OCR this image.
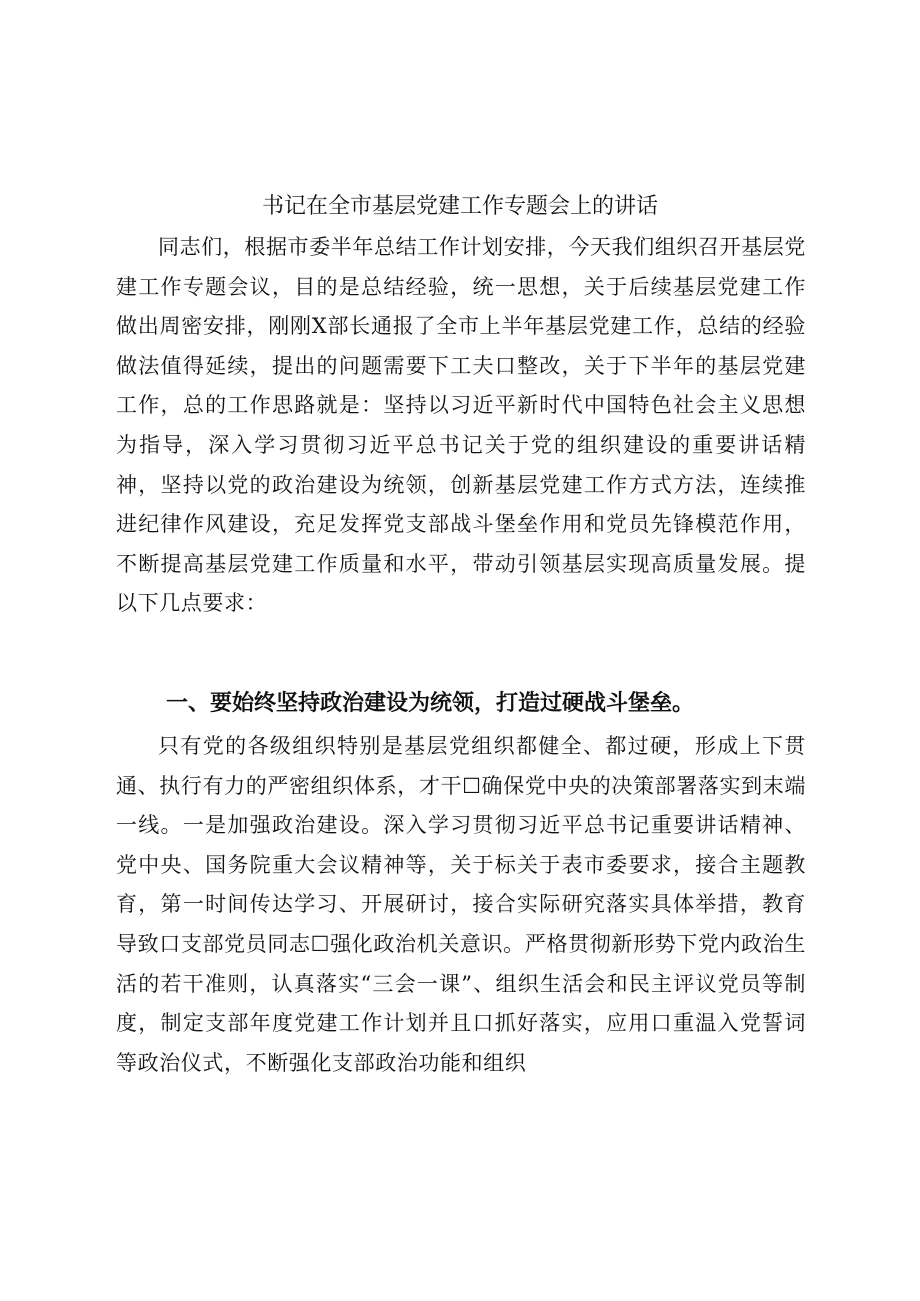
书记在全市基层党建工作专题会上的讲话

同志们，根据市委半年总结工作计划安排，今天我们组织召开基层党建工作专题会议，目的是总结经验，统一思想，关于后续基层党建工作做出周密安排，刚刚X部长通报了全市上半年基层党建工作，总结的经验做法值得延续，提出的问题需要下工夫口整改，关于下半年的基层党建工作，总的工作思路就是：坚持以习近平新时代中国特色社会主义思想为指导，深入学习贯彻习近平总书记关于党的组织建设的重要讲话精神，坚持以党的政治建设为统领，创新基层党建工作方式方法，连续推进纪律作风建设，充足发挥党支部战斗堡垒作用和党员先锋模范作用，不断提高基层党建工作质量和水平，带动引领基层实现高质量发展。提以下几点要求：

一、要始终坚持政治建设为统领，打造过硬战斗堡垒。

只有党的各级组织特别是基层党组织都健全、都过硬，形成上下贯通、执行有力的严密组织体系，才干☐确保党中央的决策部署落实到末端一线。一是加强政治建设。深入学习贯彻习近平总书记重要讲话精神、党中央、国务院重大会议精神等，关于标关于表市委要求，接合主题教育，第一时间传达学习、开展研讨，接合实际研究落实具体举措，教育导致口支部党员同志☐强化政治机关意识。严格贯彻新形势下党内政治生活的若干准则，认真落实“三会一课”、组织生活会和民主评议党员等制度，制定支部年度党建工作计划并且口抓好落实，应用口重温入党誓词等政治仪式，不断强化支部政治功能和组织
